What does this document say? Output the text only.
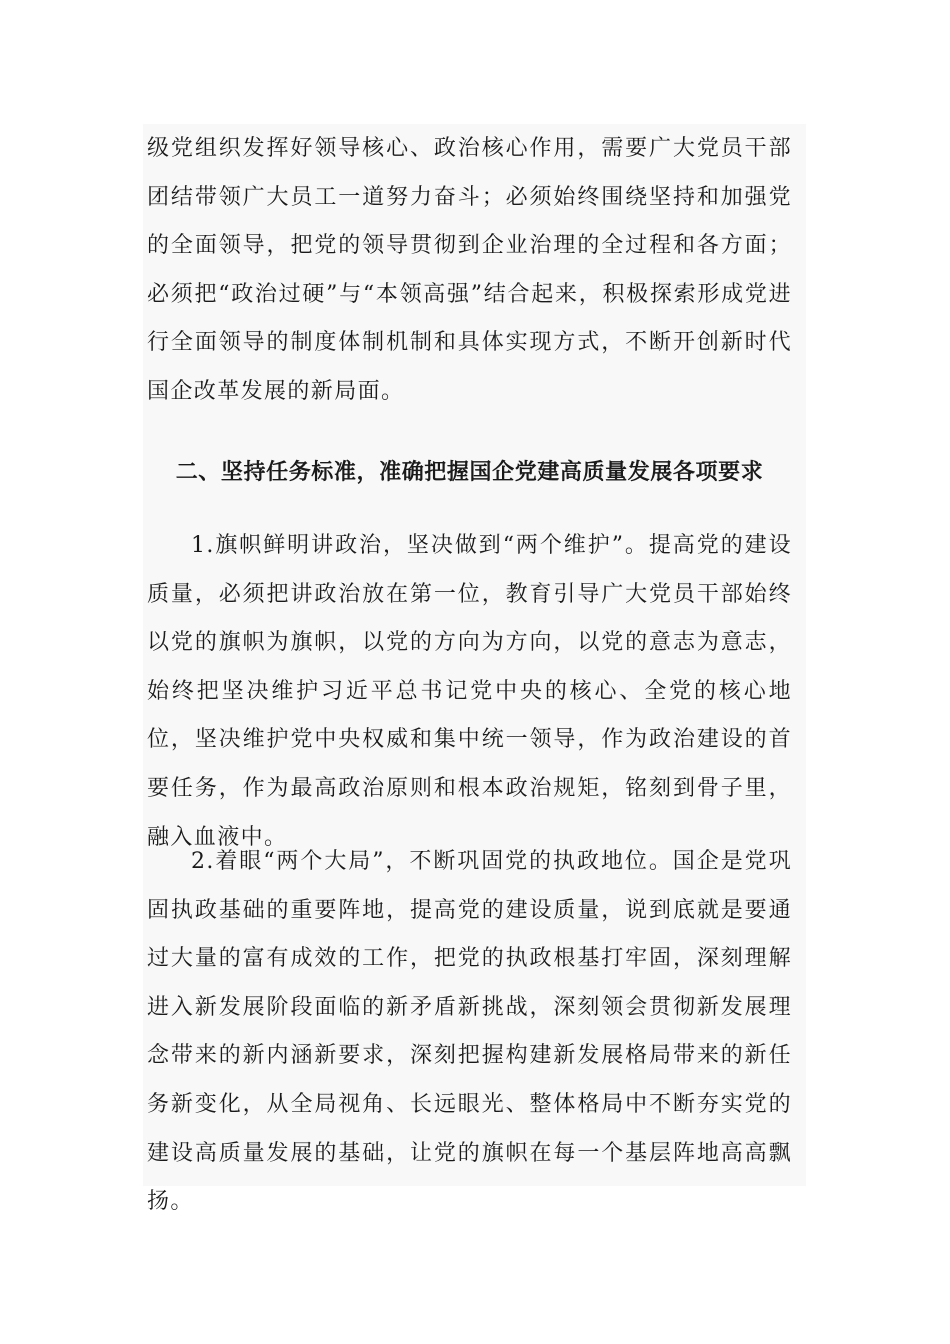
级党组织发挥好领导核心、政治核心作用，需要广大党员干部团结带领广大员工一道努力奋斗；必须始终围绕坚持和加强党的全面领导，把党的领导贯彻到企业治理的全过程和各方面；必须把“政治过硬”与“本领高强”结合起来，积极探索形成党进行全面领导的制度体制机制和具体实现方式，不断开创新时代国企改革发展的新局面。

二、坚持任务标准，准确把握国企党建高质量发展各项要求

1.旗帜鲜明讲政治，坚决做到“两个维护”。提高党的建设质量，必须把讲政治放在第一位，教育引导广大党员干部始终以党的旗帜为旗帜，以党的方向为方向，以党的意志为意志，始终把坚决维护习近平总书记党中央的核心、全党的核心地位，坚决维护党中央权威和集中统一领导，作为政治建设的首要任务，作为最高政治原则和根本政治规矩，铭刻到骨子里，融入血液中。

2.着眼“两个大局”，不断巩固党的执政地位。国企是党巩固执政基础的重要阵地，提高党的建设质量，说到底就是要通过大量的富有成效的工作，把党的执政根基打牢固，深刻理解进入新发展阶段面临的新矛盾新挑战，深刻领会贯彻新发展理念带来的新内涵新要求，深刻把握构建新发展格局带来的新任务新变化，从全局视角、长远眼光、整体格局中不断夯实党的建设高质量发展的基础，让党的旗帜在每一个基层阵地高高飘扬。
